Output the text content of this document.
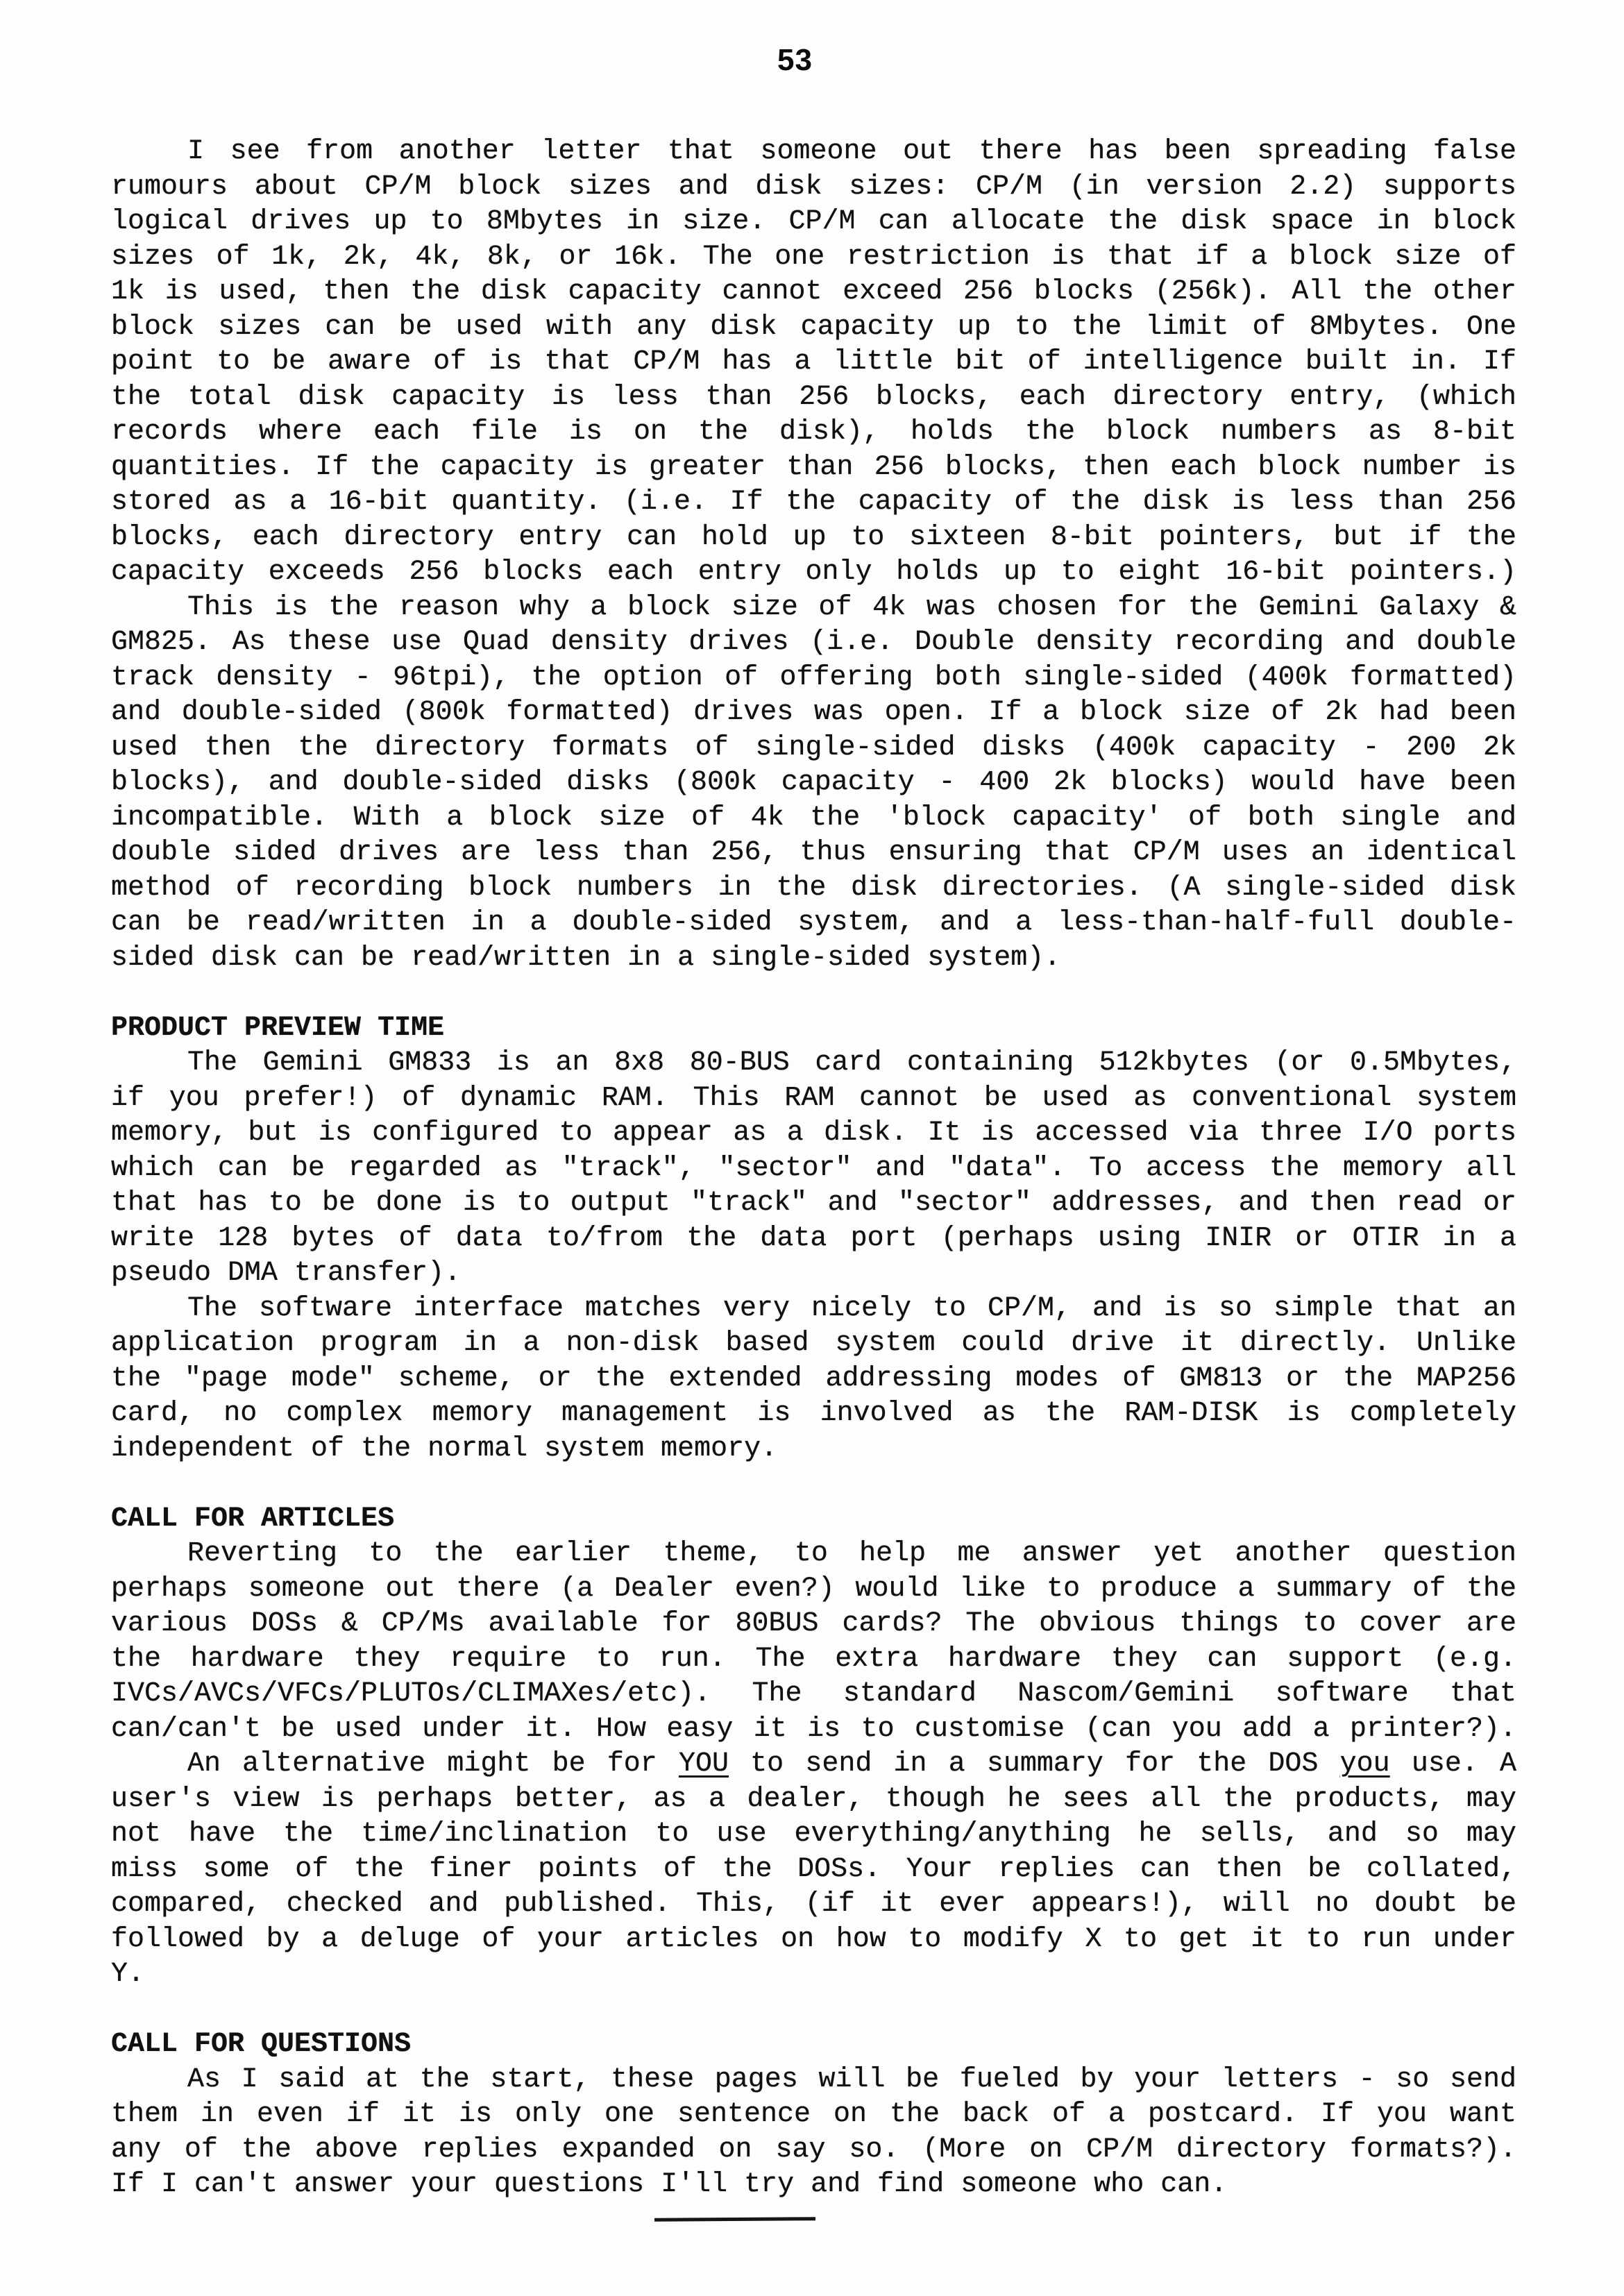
53
I see from another letter that someone out there has been spreading false
rumours about CP/M block sizes and disk sizes: CP/M (in version 2.2) supports
logical drives up to 8Mbytes in size. CP/M can allocate the disk space in block
sizes of 1k, 2k, 4k, 8k, or 16k. The one restriction is that if a block size of
1k is used, then the disk capacity cannot exceed 256 blocks (256k). All the other
block sizes can be used with any disk capacity up to the limit of 8Mbytes. One
point to be aware of is that CP/M has a little bit of intelligence built in. If
the total disk capacity is less than 256 blocks, each directory entry, (which
records where each file is on the disk), holds the block numbers as 8-bit
quantities. If the capacity is greater than 256 blocks, then each block number is
stored as a 16-bit quantity. (i.e. If the capacity of the disk is less than 256
blocks, each directory entry can hold up to sixteen 8-bit pointers, but if the
capacity exceeds 256 blocks each entry only holds up to eight 16-bit pointers.)
This is the reason why a block size of 4k was chosen for the Gemini Galaxy &
GM825. As these use Quad density drives (i.e. Double density recording and double
track density - 96tpi), the option of offering both single-sided (400k formatted)
and double-sided (800k formatted) drives was open. If a block size of 2k had been
used then the directory formats of single-sided disks (400k capacity - 200 2k
blocks), and double-sided disks (800k capacity - 400 2k blocks) would have been
incompatible. With a block size of 4k the 'block capacity' of both single and
double sided drives are less than 256, thus ensuring that CP/M uses an identical
method of recording block numbers in the disk directories. (A single-sided disk
can be read/written in a double-sided system, and a less-than-half-full double-
sided disk can be read/written in a single-sided system).
PRODUCT PREVIEW TIME
The Gemini GM833 is an 8x8 80-BUS card containing 512kbytes (or 0.5Mbytes,
if you prefer!) of dynamic RAM. This RAM cannot be used as conventional system
memory, but is configured to appear as a disk. It is accessed via three I/O ports
which can be regarded as "track", "sector" and "data". To access the memory all
that has to be done is to output "track" and "sector" addresses, and then read or
write 128 bytes of data to/from the data port (perhaps using INIR or OTIR in a
pseudo DMA transfer).
The software interface matches very nicely to CP/M, and is so simple that an
application program in a non-disk based system could drive it directly. Unlike
the "page mode" scheme, or the extended addressing modes of GM813 or the MAP256
card, no complex memory management is involved as the RAM-DISK is completely
independent of the normal system memory.
CALL FOR ARTICLES
Reverting to the earlier theme, to help me answer yet another question
perhaps someone out there (a Dealer even?) would like to produce a summary of the
various DOSs & CP/Ms available for 80BUS cards? The obvious things to cover are
the hardware they require to run. The extra hardware they can support (e.g.
IVCs/AVCs/VFCs/PLUTOs/CLIMAXes/etc). The standard Nascom/Gemini software that
can/can't be used under it. How easy it is to customise (can you add a printer?).
An alternative might be for YOU to send in a summary for the DOS you use. A
user's view is perhaps better, as a dealer, though he sees all the products, may
not have the time/inclination to use everything/anything he sells, and so may
miss some of the finer points of the DOSs. Your replies can then be collated,
compared, checked and published. This, (if it ever appears!), will no doubt be
followed by a deluge of your articles on how to modify X to get it to run under
Y.
CALL FOR QUESTIONS
As I said at the start, these pages will be fueled by your letters - so send
them in even if it is only one sentence on the back of a postcard. If you want
any of the above replies expanded on say so. (More on CP/M directory formats?).
If I can't answer your questions I'll try and find someone who can.
